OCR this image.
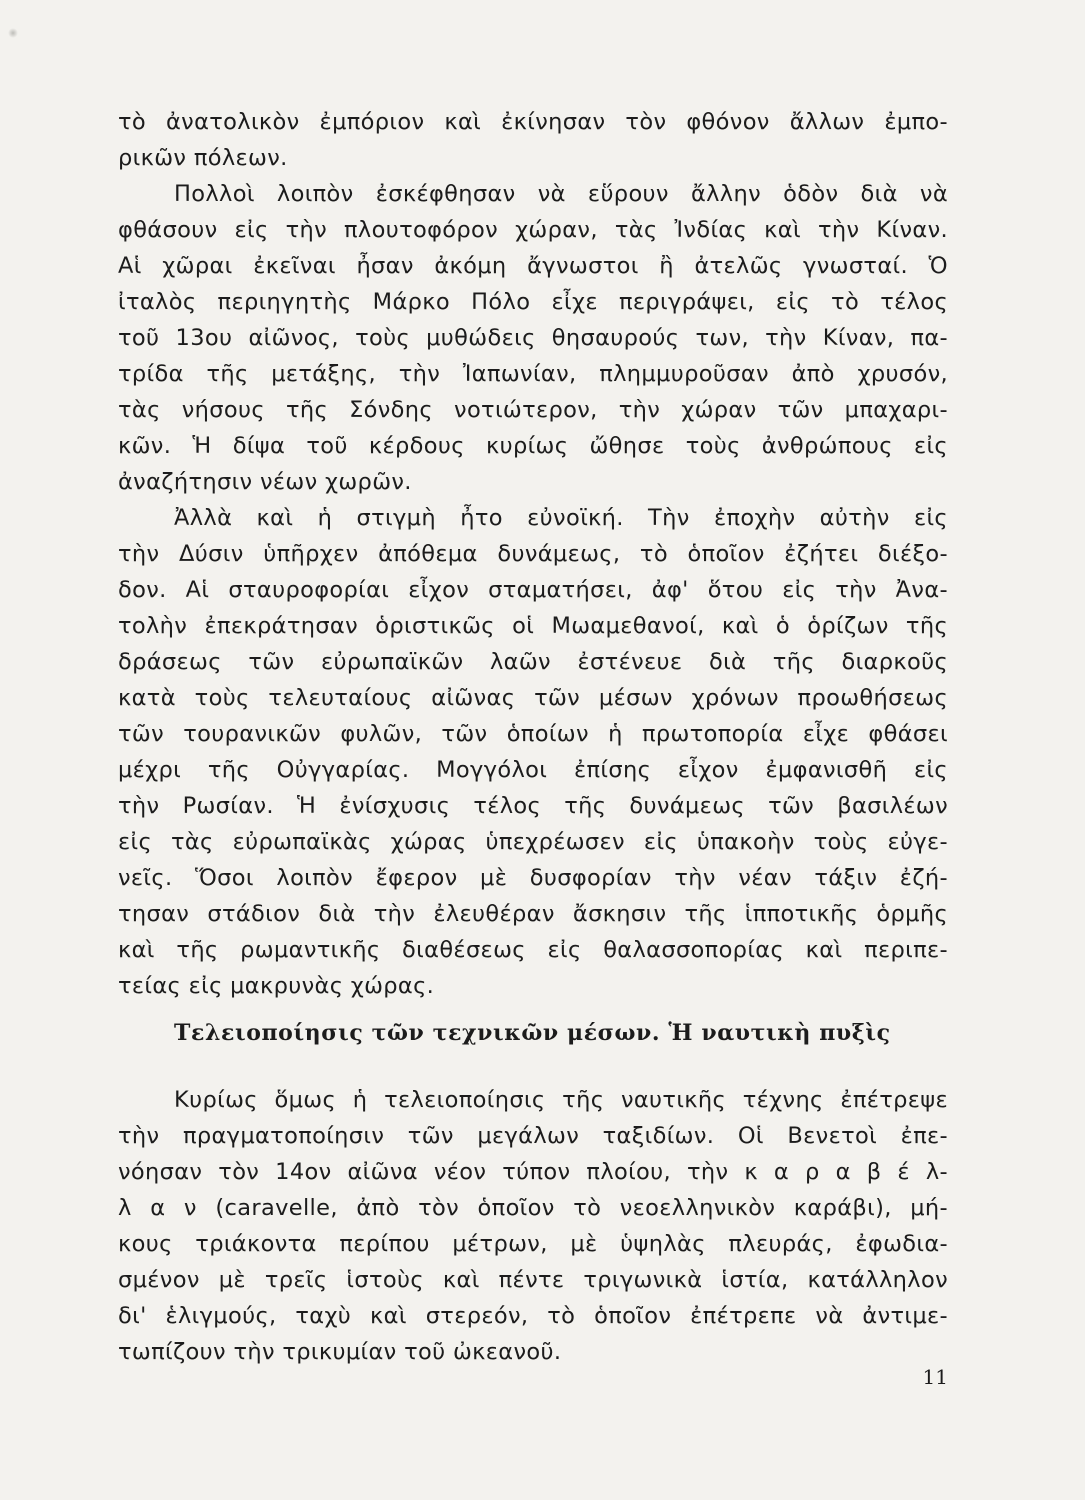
τὸ ἀνατολικὸν ἐμπόριον καὶ ἐκίνησαν τὸν φθόνον ἄλλων ἐμπο-
ρικῶν πόλεων.
Πολλοὶ λοιπὸν ἐσκέφθησαν νὰ εὕρουν ἄλλην ὁδὸν διὰ νὰ
φθάσουν εἰς τὴν πλουτοφόρον χώραν, τὰς Ἰνδίας καὶ τὴν Κίναν.
Αἱ χῶραι ἐκεῖναι ἦσαν ἀκόμη ἄγνωστοι ἢ ἀτελῶς γνωσταί. Ὁ
ἰταλὸς περιηγητὴς Μάρκο Πόλο εἶχε περιγράψει, εἰς τὸ τέλος
τοῦ 13ου αἰῶνος, τοὺς μυθώδεις θησαυρούς των, τὴν Κίναν, πα-
τρίδα τῆς μετάξης, τὴν Ἰαπωνίαν, πλημμυροῦσαν ἀπὸ χρυσόν,
τὰς νήσους τῆς Σόνδης νοτιώτερον, τὴν χώραν τῶν μπαχαρι-
κῶν. Ἡ δίψα τοῦ κέρδους κυρίως ὤθησε τοὺς ἀνθρώπους εἰς
ἀναζήτησιν νέων χωρῶν.
Ἀλλὰ καὶ ἡ στιγμὴ ἦτο εὐνοϊκή. Τὴν ἐποχὴν αὐτὴν εἰς
τὴν Δύσιν ὑπῆρχεν ἀπόθεμα δυνάμεως, τὸ ὁποῖον ἐζήτει διέξο-
δον. Αἱ σταυροφορίαι εἶχον σταματήσει, ἀφ' ὅτου εἰς τὴν Ἀνα-
τολὴν ἐπεκράτησαν ὁριστικῶς οἱ Μωαμεθανοί, καὶ ὁ ὁρίζων τῆς
δράσεως τῶν εὐρωπαϊκῶν λαῶν ἐστένευε διὰ τῆς διαρκοῦς
κατὰ τοὺς τελευταίους αἰῶνας τῶν μέσων χρόνων προωθήσεως
τῶν τουρανικῶν φυλῶν, τῶν ὁποίων ἡ πρωτοπορία εἶχε φθάσει
μέχρι τῆς Οὐγγαρίας. Μογγόλοι ἐπίσης εἶχον ἐμφανισθῆ εἰς
τὴν Ρωσίαν. Ἡ ἐνίσχυσις τέλος τῆς δυνάμεως τῶν βασιλέων
εἰς τὰς εὐρωπαϊκὰς χώρας ὑπεχρέωσεν εἰς ὑπακοὴν τοὺς εὐγε-
νεῖς. Ὅσοι λοιπὸν ἔφερον μὲ δυσφορίαν τὴν νέαν τάξιν ἐζή-
τησαν στάδιον διὰ τὴν ἐλευθέραν ἄσκησιν τῆς ἱπποτικῆς ὁρμῆς
καὶ τῆς ρωμαντικῆς διαθέσεως εἰς θαλασσοπορίας καὶ περιπε-
τείας εἰς μακρυνὰς χώρας.
Τελειοποίησις τῶν τεχνικῶν μέσων. Ἡ ναυτικὴ πυξὶς
Κυρίως ὅμως ἡ τελειοποίησις τῆς ναυτικῆς τέχνης ἐπέτρεψε
τὴν πραγματοποίησιν τῶν μεγάλων ταξιδίων. Οἱ Βενετοὶ ἐπε-
νόησαν τὸν 14ον αἰῶνα νέον τύπον πλοίου, τὴν κ α ρ α β έ λ-
λ α ν (caravelle, ἀπὸ τὸν ὁποῖον τὸ νεοελληνικὸν καράβι), μή-
κους τριάκοντα περίπου μέτρων, μὲ ὑψηλὰς πλευράς, ἐφωδια-
σμένον μὲ τρεῖς ἱστοὺς καὶ πέντε τριγωνικὰ ἱστία, κατάλληλον
δι' ἑλιγμούς, ταχὺ καὶ στερεόν, τὸ ὁποῖον ἐπέτρεπε νὰ ἀντιμε-
τωπίζουν τὴν τρικυμίαν τοῦ ὠκεανοῦ.
11
